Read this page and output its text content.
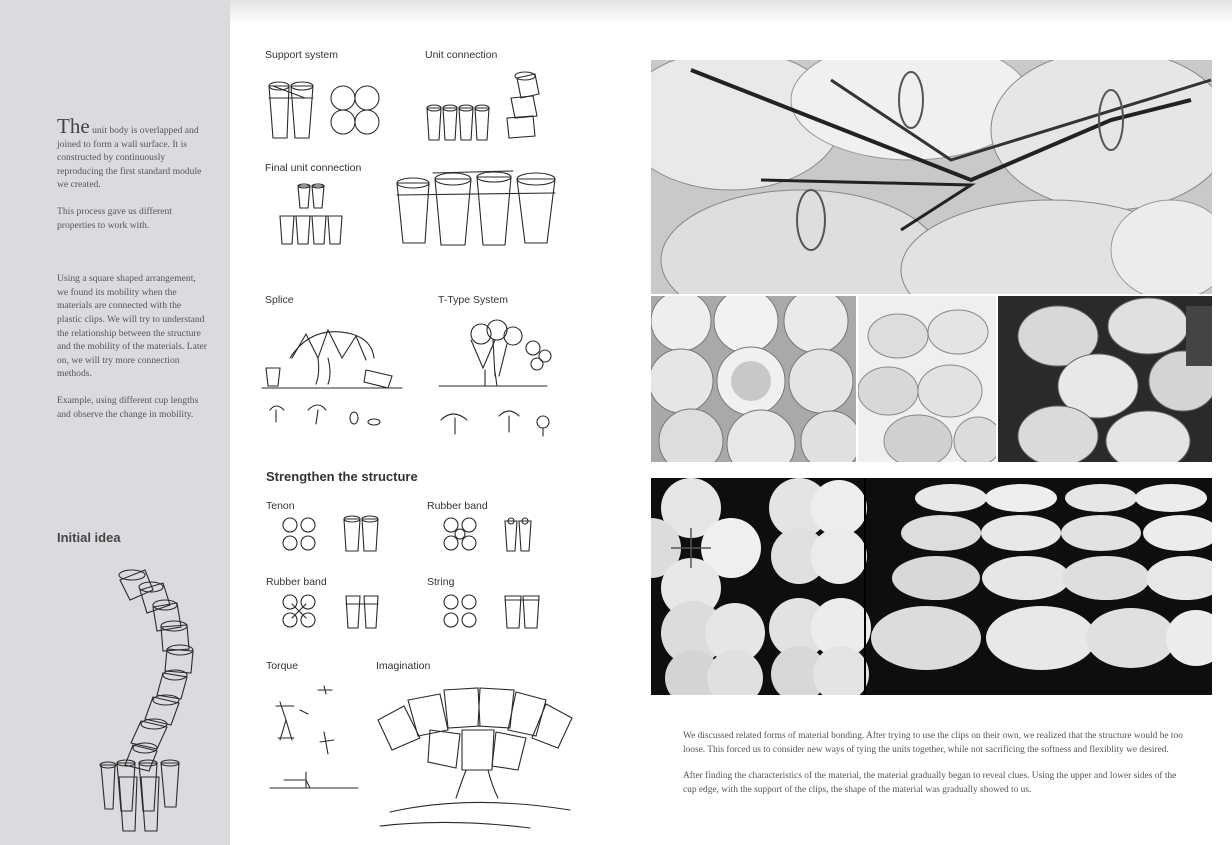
The unit body is overlapped and joined to form a wall surface. It is constructed by continuously reproducing the first standard module we created.

This process gave us different properties to work with.

Using a square shaped arrangement, we found its mobility when the materials are connected with the plastic clips. We will try to understand the relationship between the structure and the mobility of the materials. Later on, we will try more connection methods.

Example, using different cup lengths and observe the change in mobility.

Initial idea
Support system	Unit connection
Final unit connection
Splice	T-Type System
Strengthen the structure
Tenon	Rubber band
Rubber band	String
Torque	Imagination

We discussed related forms of material bonding. After trying to use the clips on their own, we realized that the structure would be too loose. This forced us to consider new ways of tying the units together, while not sacrificing the softness and flexiblity we desired.

After finding the characteristics of the material, the material gradually began to reveal clues. Using the upper and lower sides of the cup edge, with the support of the clips, the shape of the material was gradually showed to us.
